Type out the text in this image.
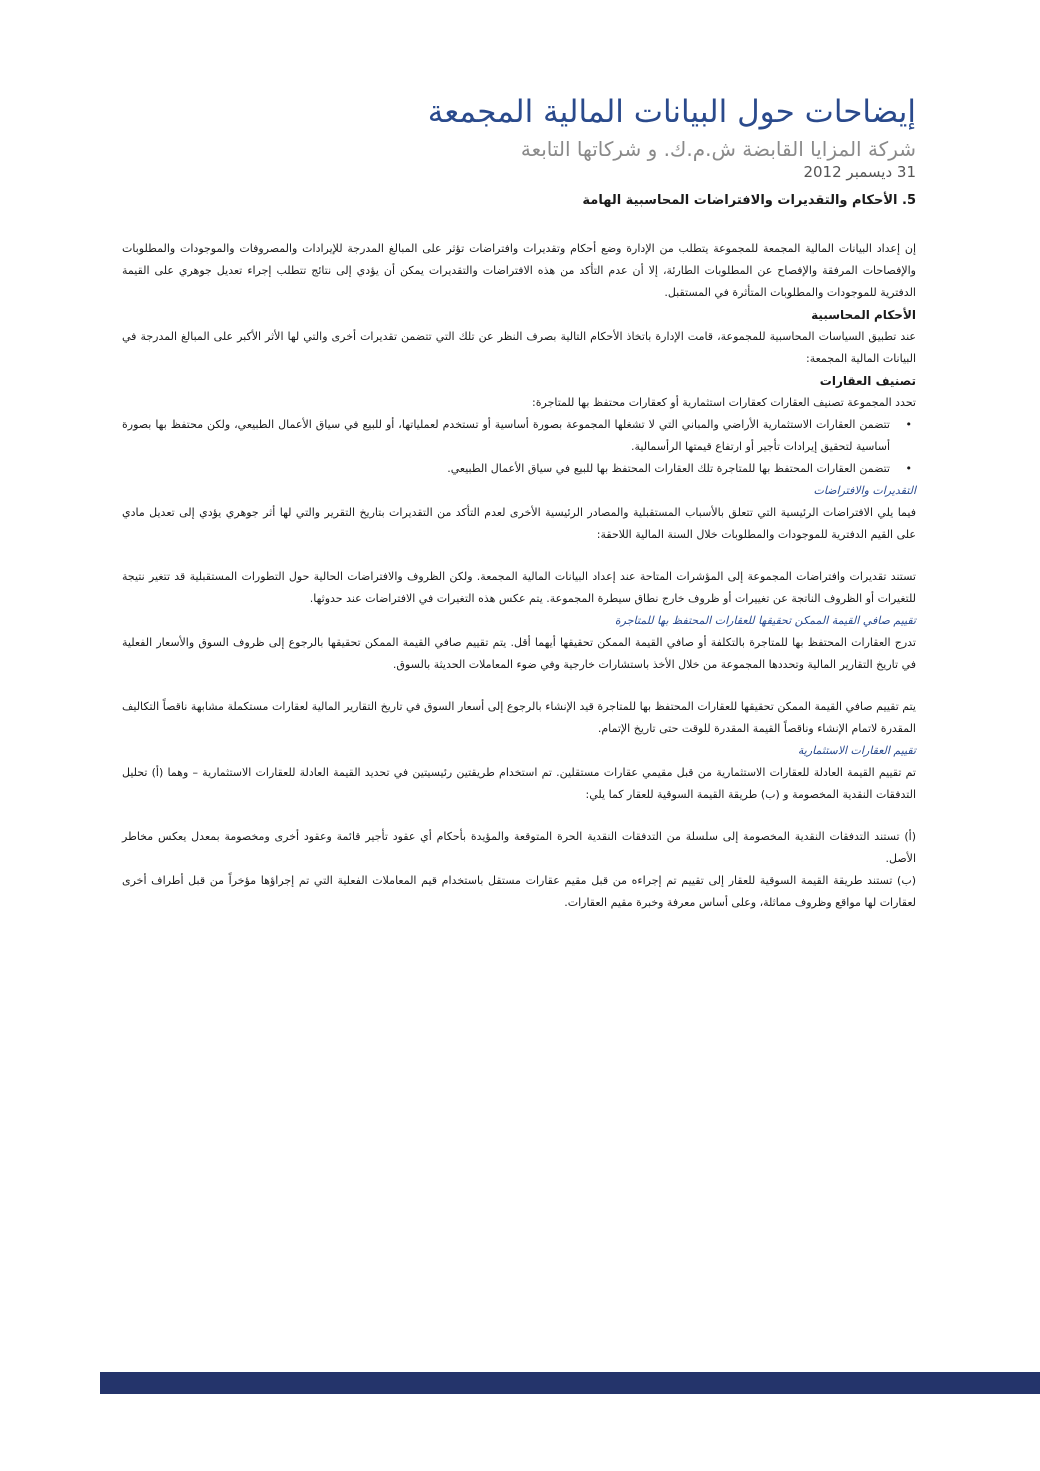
إيضاحات حول البيانات المالية المجمعة
شركة المزايا القابضة ش.م.ك. و شركاتها التابعة
31 ديسمبر 2012
5. الأحكام والتقديرات والافتراضات المحاسبية الهامة

إن إعداد البيانات المالية المجمعة للمجموعة يتطلب من الإدارة وضع أحكام وتقديرات وافتراضات تؤثر على المبالغ المدرجة للإيرادات والمصروفات والموجودات والمطلوبات والإفصاحات المرفقة والإفصاح عن المطلوبات الطارئة، إلا أن عدم التأكد من هذه الافتراضات والتقديرات يمكن أن يؤدي إلى نتائج تتطلب إجراء تعديل جوهري على القيمة الدفترية للموجودات والمطلوبات المتأثرة في المستقبل.

الأحكام المحاسبية

عند تطبيق السياسات المحاسبية للمجموعة، قامت الإدارة باتخاذ الأحكام التالية بصرف النظر عن تلك التي تتضمن تقديرات أخرى والتي لها الأثر الأكبر على المبالغ المدرجة في البيانات المالية المجمعة:

تصنيف العقارات

تحدد المجموعة تصنيف العقارات كعقارات استثمارية أو كعقارات محتفظ بها للمتاجرة:

• تتضمن العقارات الاستثمارية الأراضي والمباني التي لا تشغلها المجموعة بصورة أساسية أو تستخدم لعملياتها، أو للبيع في سياق الأعمال الطبيعي، ولكن محتفظ بها بصورة أساسية لتحقيق إيرادات تأجير أو ارتفاع قيمتها الرأسمالية.
• تتضمن العقارات المحتفظ بها للمتاجرة تلك العقارات المحتفظ بها للبيع في سياق الأعمال الطبيعي.
التقديرات والافتراضات

فيما يلي الافتراضات الرئيسية التي تتعلق بالأسباب المستقبلية والمصادر الرئيسية الأخرى لعدم التأكد من التقديرات بتاريخ التقرير والتي لها أثر جوهري يؤدي إلى تعديل مادي على القيم الدفترية للموجودات والمطلوبات خلال السنة المالية اللاحقة:

تستند تقديرات وافتراضات المجموعة إلى المؤشرات المتاحة عند إعداد البيانات المالية المجمعة. ولكن الظروف والافتراضات الحالية حول التطورات المستقبلية قد تتغير نتيجة للتغيرات أو الظروف الناتجة عن تغييرات أو ظروف خارج نطاق سيطرة المجموعة. يتم عكس هذه التغيرات في الافتراضات عند حدوثها.

تقييم صافي القيمة الممكن تحقيقها للعقارات المحتفظ بها للمتاجرة

تدرج العقارات المحتفظ بها للمتاجرة بالتكلفة أو صافي القيمة الممكن تحقيقها أيهما أقل. يتم تقييم صافي القيمة الممكن تحقيقها بالرجوع إلى ظروف السوق والأسعار الفعلية في تاريخ التقارير المالية وتحددها المجموعة من خلال الأخذ باستشارات خارجية وفي ضوء المعاملات الحديثة بالسوق.

يتم تقييم صافي القيمة الممكن تحقيقها للعقارات المحتفظ بها للمتاجرة قيد الإنشاء بالرجوع إلى أسعار السوق في تاريخ التقارير المالية لعقارات مستكملة مشابهة ناقصاً التكاليف المقدرة لاتمام الإنشاء وناقصاً القيمة المقدرة للوقت حتى تاريخ الإتمام.

تقييم العقارات الاستثمارية

تم تقييم القيمة العادلة للعقارات الاستثمارية من قبل مقيمي عقارات مستقلين. تم استخدام طريقتين رئيسيتين في تحديد القيمة العادلة للعقارات الاستثمارية – وهما (أ) تحليل التدفقات النقدية المخصومة و (ب) طريقة القيمة السوقية للعقار كما يلي:

(أ) تستند التدفقات النقدية المخصومة إلى سلسلة من التدفقات النقدية الحرة المتوقعة والمؤيدة بأحكام أي عقود تأجير قائمة وعقود أخرى ومخصومة بمعدل يعكس مخاطر الأصل.

(ب) تستند طريقة القيمة السوقية للعقار إلى تقييم تم إجراءه من قبل مقيم عقارات مستقل باستخدام قيم المعاملات الفعلية التي تم إجراؤها مؤخراً من قبل أطراف أخرى لعقارات لها مواقع وظروف مماثلة، وعلى أساس معرفة وخبرة مقيم العقارات.
